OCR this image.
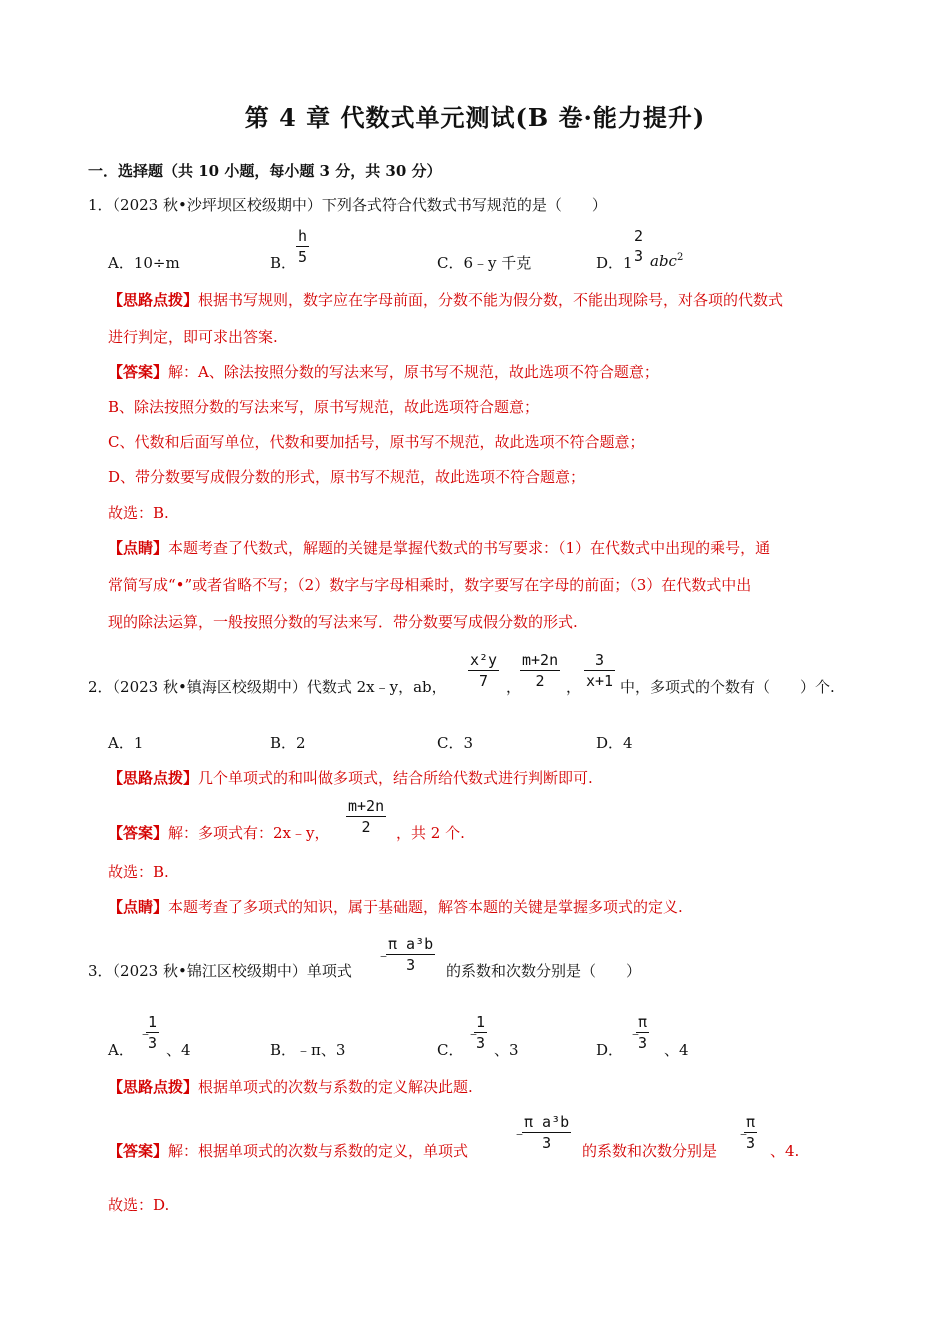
第 4 章 代数式单元测试(B 卷·能力提升)
一．选择题（共 10 小题，每小题 3 分，共 30 分）
1．（2023 秋•沙坪坝区校级期中）下列各式符合代数式书写规范的是（　　）
A．10÷m	B． $\frac{h}{5}$	C．6﹣y 千克	D．1
2
3 abc$^2$
【思路点拨】根据书写规则，数字应在字母前面，分数不能为假分数，不能出现除号，对各项的代数式
进行判定，即可求出答案.
【答案】解：A、除法按照分数的写法来写，原书写不规范，故此选项不符合题意；
B、除法按照分数的写法来写，原书写规范，故此选项符合题意；
C、代数和后面写单位，代数和要加括号，原书写不规范，故此选项不符合题意；
D、带分数要写成假分数的形式，原书写不规范，故此选项不符合题意；
故选：B.
【点睛】本题考查了代数式，解题的关键是掌握代数式的书写要求：（1）在代数式中出现的乘号，通
常简写成“•”或者省略不写；（2）数字与字母相乘时，数字要写在字母的前面；（3）在代数式中出
现的除法运算，一般按照分数的写法来写．带分数要写成假分数的形式.
2．（2023 秋•镇海区校级期中）代数式 2x﹣y，ab， $\frac{\text{x²y}}{7}$ ，
$\frac{m+2n}{2}$ ， $\frac{3}{x+1}$ 中，多项式的个数有（　　）个.
A．1	B．2	C．3	D．4
【思路点拨】几个单项式的和叫做多项式，结合所给代数式进行判断即可.
【答案】解：多项式有：2x﹣y， $\frac{m+2n}{2}$ ，共 2 个.
故选：B.
【点睛】本题考查了多项式的知识，属于基础题，解答本题的关键是掌握多项式的定义.
3．（2023 秋•锦江区校级期中）单项式
﹣
$\frac{\text{π a³b}}{3}$ 的系数和次数分别是（　　）
A．
﹣
$\frac{1}{3}$ 、4	B．﹣π、3	C．
﹣
$\frac{1}{3}$ 、3	D．
﹣
$\frac{\pi}{3}$ 、4
【思路点拨】根据单项式的次数与系数的定义解决此题.
【答案】解：根据单项式的次数与系数的定义，单项式
﹣
$\frac{\text{π a³b}}{3}$ 的系数和次数分别是
﹣
$\frac{\pi}{3}$ 、4.
故选：D.
